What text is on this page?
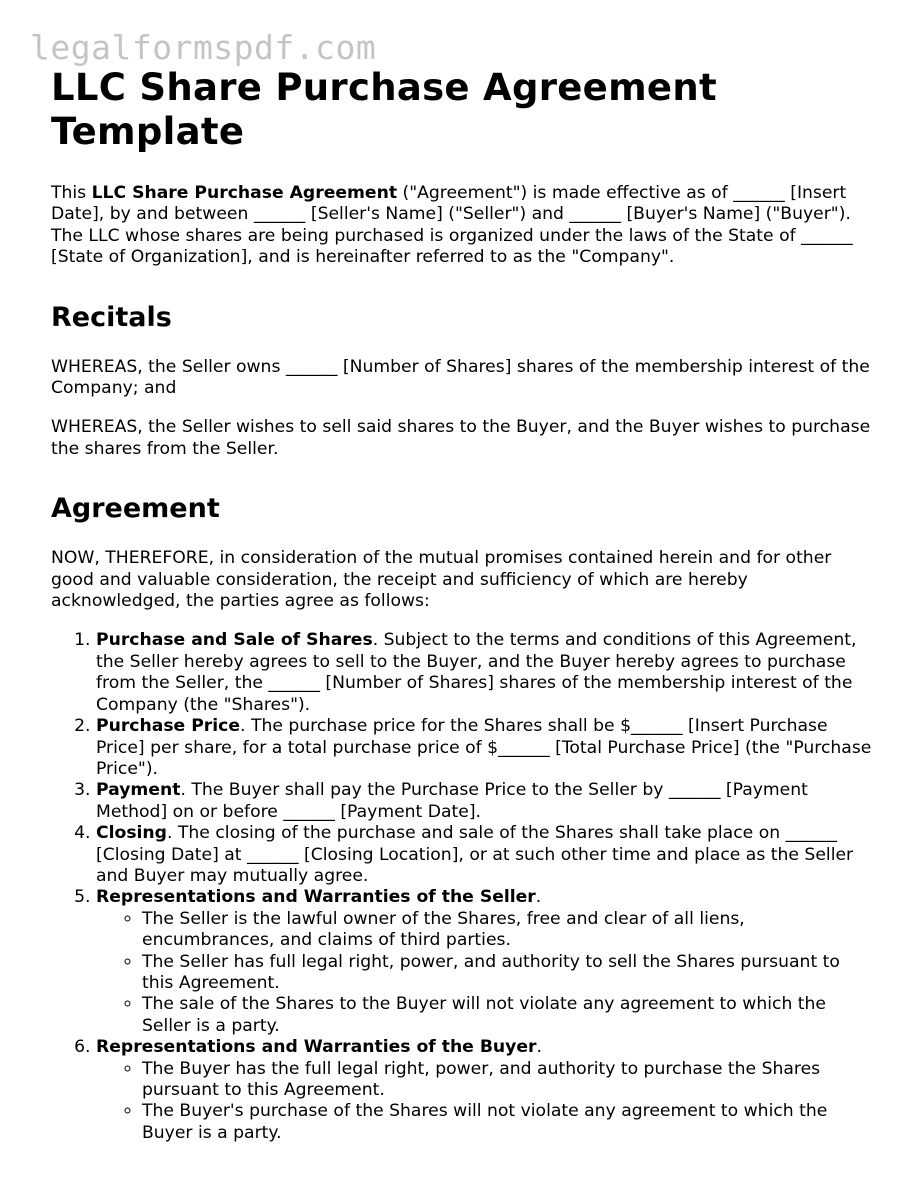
legalformspdf.com
LLC Share Purchase Agreement Template

This LLC Share Purchase Agreement ("Agreement") is made effective as of ______ [Insert Date], by and between ______ [Seller's Name] ("Seller") and ______ [Buyer's Name] ("Buyer"). The LLC whose shares are being purchased is organized under the laws of the State of ______ [State of Organization], and is hereinafter referred to as the "Company".

Recitals

WHEREAS, the Seller owns ______ [Number of Shares] shares of the membership interest of the Company; and

WHEREAS, the Seller wishes to sell said shares to the Buyer, and the Buyer wishes to purchase the shares from the Seller.

Agreement

NOW, THEREFORE, in consideration of the mutual promises contained herein and for other good and valuable consideration, the receipt and sufficiency of which are hereby acknowledged, the parties agree as follows:

1. Purchase and Sale of Shares. Subject to the terms and conditions of this Agreement, the Seller hereby agrees to sell to the Buyer, and the Buyer hereby agrees to purchase from the Seller, the ______ [Number of Shares] shares of the membership interest of the Company (the "Shares").
2. Purchase Price. The purchase price for the Shares shall be $______ [Insert Purchase Price] per share, for a total purchase price of $______ [Total Purchase Price] (the "Purchase Price").
3. Payment. The Buyer shall pay the Purchase Price to the Seller by ______ [Payment Method] on or before ______ [Payment Date].
4. Closing. The closing of the purchase and sale of the Shares shall take place on ______ [Closing Date] at ______ [Closing Location], or at such other time and place as the Seller and Buyer may mutually agree.
5. Representations and Warranties of the Seller.
◦ The Seller is the lawful owner of the Shares, free and clear of all liens, encumbrances, and claims of third parties.
◦ The Seller has full legal right, power, and authority to sell the Shares pursuant to this Agreement.
◦ The sale of the Shares to the Buyer will not violate any agreement to which the Seller is a party.
6. Representations and Warranties of the Buyer.
◦ The Buyer has the full legal right, power, and authority to purchase the Shares pursuant to this Agreement.
◦ The Buyer's purchase of the Shares will not violate any agreement to which the Buyer is a party.
